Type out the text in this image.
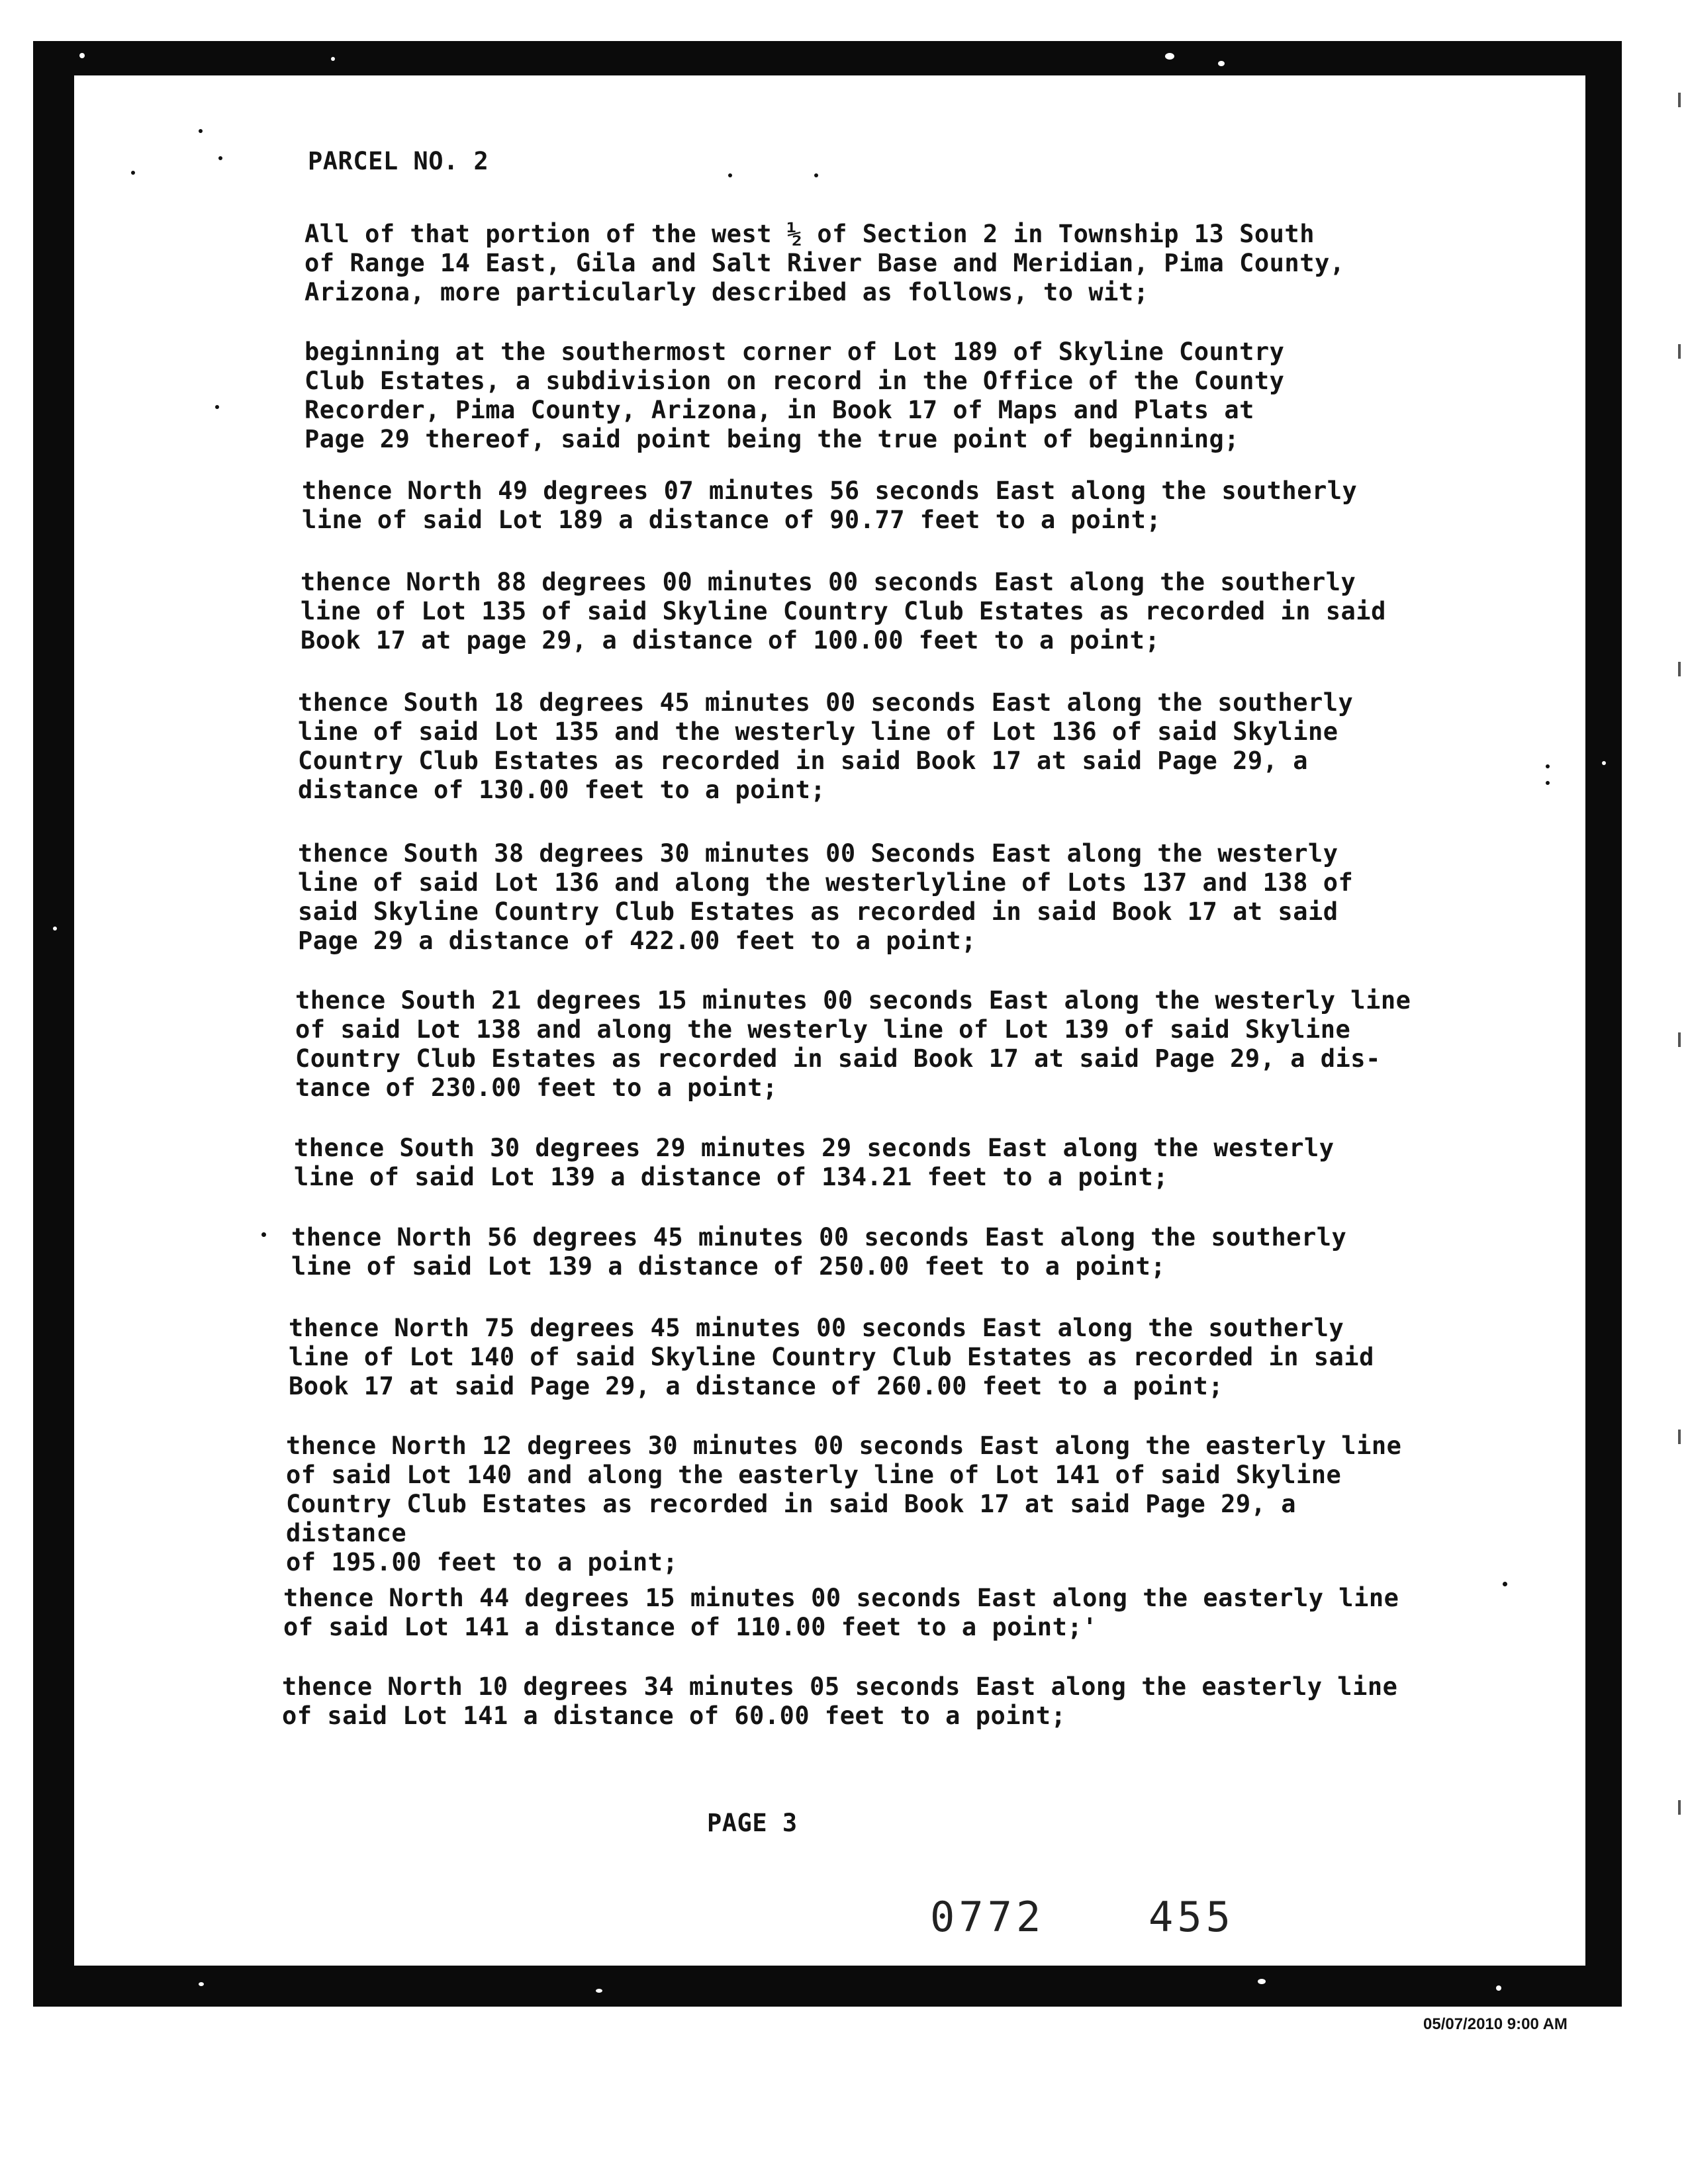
PARCEL NO. 2

All of that portion of the west ½ of Section 2 in Township 13 South
of Range 14 East, Gila and Salt River Base and Meridian, Pima County,
Arizona, more particularly described as follows, to wit;

beginning at the southermost corner of Lot 189 of Skyline Country
Club Estates, a subdivision on record in the Office of the County
Recorder, Pima County, Arizona, in Book 17 of Maps and Plats at
Page 29 thereof, said point being the true point of beginning;

thence North 49 degrees 07 minutes 56 seconds East along the southerly
line of said Lot 189 a distance of 90.77 feet to a point;

thence North 88 degrees 00 minutes 00 seconds East along the southerly
line of Lot 135 of said Skyline Country Club Estates as recorded in said
Book 17 at page 29, a distance of 100.00 feet to a point;

thence South 18 degrees 45 minutes 00 seconds East along the southerly
line of said Lot 135 and the westerly line of Lot 136 of said Skyline
Country Club Estates as recorded in said Book 17 at said Page 29, a
distance of 130.00 feet to a point;

thence South 38 degrees 30 minutes 00 Seconds East along the westerly
line of said Lot 136 and along the westerlyline of Lots 137 and 138 of
said Skyline Country Club Estates as recorded in said Book 17 at said
Page 29 a distance of 422.00 feet to a point;

thence South 21 degrees 15 minutes 00 seconds East along the westerly line
of said Lot 138 and along the westerly line of Lot 139 of said Skyline
Country Club Estates as recorded in said Book 17 at said Page 29, a dis-
tance of 230.00 feet to a point;

thence South 30 degrees 29 minutes 29 seconds East along the westerly
line of said Lot 139 a distance of 134.21 feet to a point;

thence North 56 degrees 45 minutes 00 seconds East along the southerly
line of said Lot 139 a distance of 250.00 feet to a point;

thence North 75 degrees 45 minutes 00 seconds East along the southerly
line of Lot 140 of said Skyline Country Club Estates as recorded in said
Book 17 at said Page 29, a distance of 260.00 feet to a point;

thence North 12 degrees 30 minutes 00 seconds East along the easterly line
of said Lot 140 and along the easterly line of Lot 141 of said Skyline
Country Club Estates as recorded in said Book 17 at said Page 29, a distance
of 195.00 feet to a point;

thence North 44 degrees 15 minutes 00 seconds East along the easterly line
of said Lot 141 a distance of 110.00 feet to a point;'

thence North 10 degrees 34 minutes 05 seconds East along the easterly line
of said Lot 141 a distance of 60.00 feet to a point;

PAGE 3
0772	455
05/07/2010 9:00 AM
